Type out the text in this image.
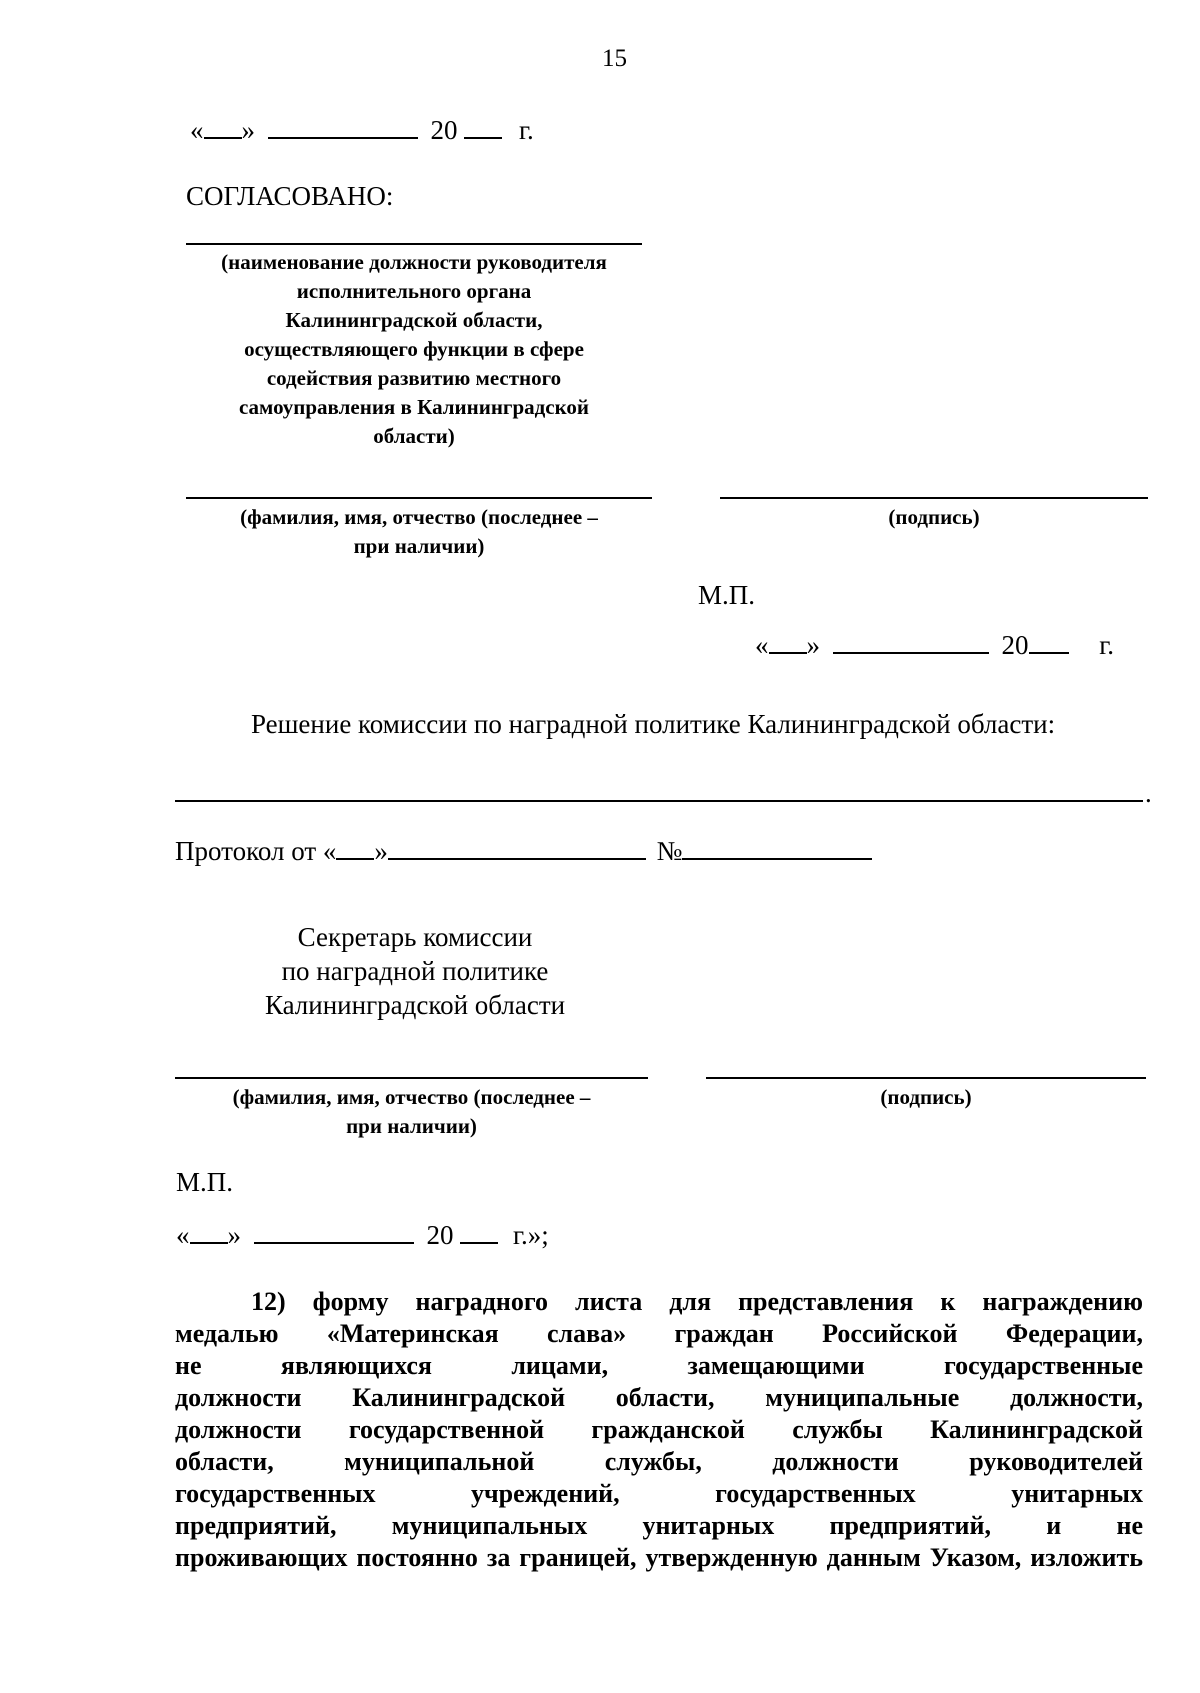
15
« »	20 г.
СОГЛАСОВАНО:
(наименование должности руководителя
исполнительного органа
Калининградской области,
осуществляющего функции в сфере
содействия развитию местного
самоуправления в Калининградской
области)
(фамилия, имя, отчество (последнее –
при наличии)
(подпись)
М.П.
« »	20	г.
Решение комиссии по наградной политике Калининградской области:
.
Протокол от « »	№
Секретарь комиссии
по наградной политике
Калининградской области
(фамилия, имя, отчество (последнее –
при наличии)
(подпись)
М.П.
« »	20 г.»;
12) форму наградного листа для представления к награждению
медалью «Материнская слава» граждан Российской Федерации,
не являющихся лицами, замещающими государственные
должности Калининградской области, муниципальные должности,
должности государственной гражданской службы Калининградской
области, муниципальной службы, должности руководителей
государственных учреждений, государственных унитарных
предприятий, муниципальных унитарных предприятий, и не
проживающих постоянно за границей, утвержденную данным Указом, изложить
